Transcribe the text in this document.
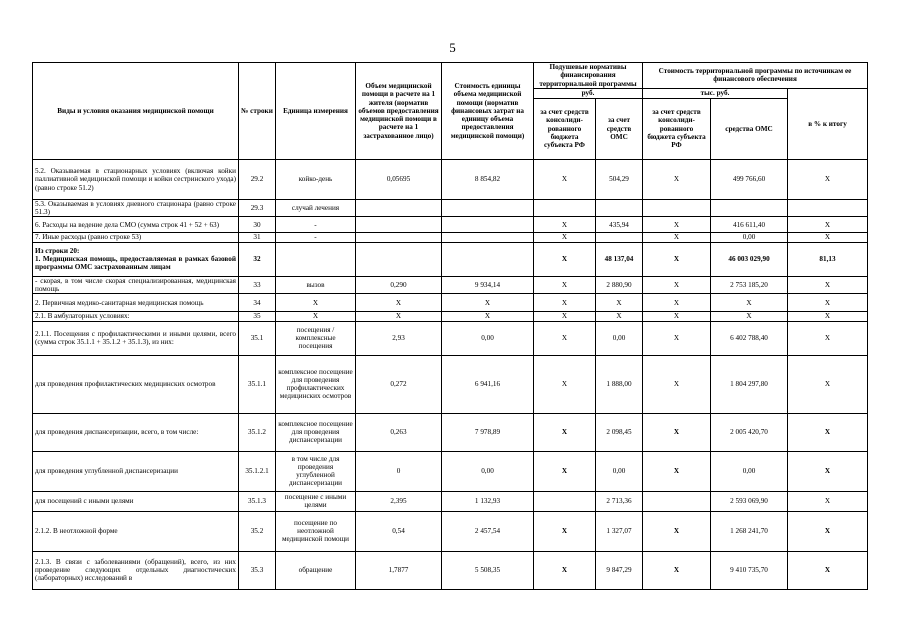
5
Виды и условия оказания медицинской помощи	№ строки	Единица измерения	Объем медицинской помощи в расчете на 1 жителя (норматив объемов предоставления медицинской помощи в расчете на 1 застрахованное лицо)	Стоимость единицы объема медицинской помощи (норматив финансовых затрат на единицу объема предоставления медицинской помощи)	Подушевые нормативы финансирования территориальной программы		Стоимость территориальной программы по источникам ее финансового обеспечения		
					руб.		тыс. руб.		в % к итогу
					за счет средств консолиди-рованного бюджета субъекта РФ	за счет средств ОМС	за счет средств консолиди-рованного бюджета субъекта РФ	средства ОМС	
5.2. Оказываемая в стационарных условиях (включая койки паллиативной медицинской помощи и койки сестринского ухода) (равно строке 51.2)	29.2	койко-день	0,05695	8 854,82	X	504,29	X	499 766,60	X
5.3. Оказываемая в условиях дневного стационара (равно строке 51.3)	29.3	случай лечения							
6. Расходы на ведение дела СМО (сумма строк 41 + 52 + 63)	30	-			X	435,94	X	416 611,40	X
7. Иные расходы (равно строке 53)	31	-			X		X	0,00	X
Из строки 20:
1. Медицинская помощь, предоставляемая в рамках базовой программы ОМС застрахованным лицам	32				X	48 137,04	X	46 003 029,90	81,13
- скорая, в том числе скорая специализированная, медицинская помощь	33	вызов	0,290	9 934,14	X	2 880,90	X	2 753 185,20	X
2. Первичная медико-санитарная медицинская помощь	34	X	X	X	X	X	X	X	X
2.1. В амбулаторных условиях:	35	X	X	X	X	X	X	X	X
2.1.1. Посещения с профилактическими и иными целями, всего (сумма строк 35.1.1 + 35.1.2 + 35.1.3), из них:	35.1	посещения / комплексные посещения	2,93	0,00	X	0,00	X	6 402 788,40	X
для проведения профилактических медицинских осмотров	35.1.1	комплексное посещение для проведения профилактических медицинских осмотров	0,272	6 941,16	X	1 888,00	X	1 804 297,80	X
для проведения диспансеризации, всего, в том числе:	35.1.2	комплексное посещение для проведения диспансеризации	0,263	7 978,89	X	2 098,45	X	2 005 420,70	X
для проведения углубленной диспансеризации	35.1.2.1	в том числе для проведения углубленной диспансеризации	0	0,00	X	0,00	X	0,00	X
для посещений с иными целями	35.1.3	посещение с иными целями	2,395	1 132,93		2 713,36		2 593 069,90	X
2.1.2. В неотложной форме	35.2	посещение по неотложной медицинской помощи	0,54	2 457,54	X	1 327,07	X	1 268 241,70	X
2.1.3. В связи с заболеваниями (обращений), всего, из них проведение следующих отдельных диагностических (лабораторных) исследований в	35.3	обращение	1,7877	5 508,35	X	9 847,29	X	9 410 735,70	X
